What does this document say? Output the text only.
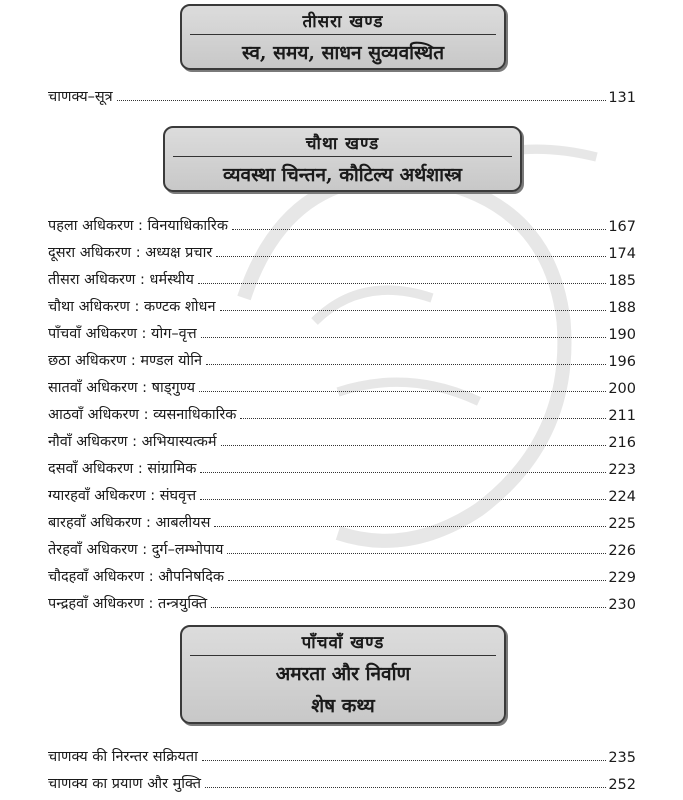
तीसरा खण्ड
स्व, समय, साधन सुव्यवस्थित
चाणक्य–सूत्र	131
चौथा खण्ड
व्यवस्था चिन्तन, कौटिल्य अर्थशास्त्र
पहला अधिकरण : विनयाधिकारिक	167
दूसरा अधिकरण : अध्यक्ष प्रचार	174
तीसरा अधिकरण : धर्मस्थीय	185
चौथा अधिकरण : कण्टक शोधन	188
पाँचवाँ अधिकरण : योग–वृत्त	190
छठा अधिकरण : मण्डल योनि	196
सातवाँ अधिकरण : षाड्गुण्य	200
आठवाँ अधिकरण : व्यसनाधिकारिक	211
नौवाँ अधिकरण : अभियास्यत्कर्म	216
दसवाँ अधिकरण : सांग्रामिक	223
ग्यारहवाँ अधिकरण : संघवृत्त	224
बारहवाँ अधिकरण : आबलीयस	225
तेरहवाँ अधिकरण : दुर्ग–लम्भोपाय	226
चौदहवाँ अधिकरण : औपनिषदिक	229
पन्द्रहवाँ अधिकरण : तन्त्रयुक्ति	230
पाँचवाँ खण्ड
अमरता और निर्वाण
शेष कथ्य
चाणक्य की निरन्तर सक्रियता	235
चाणक्य का प्रयाण और मुक्ति	252
